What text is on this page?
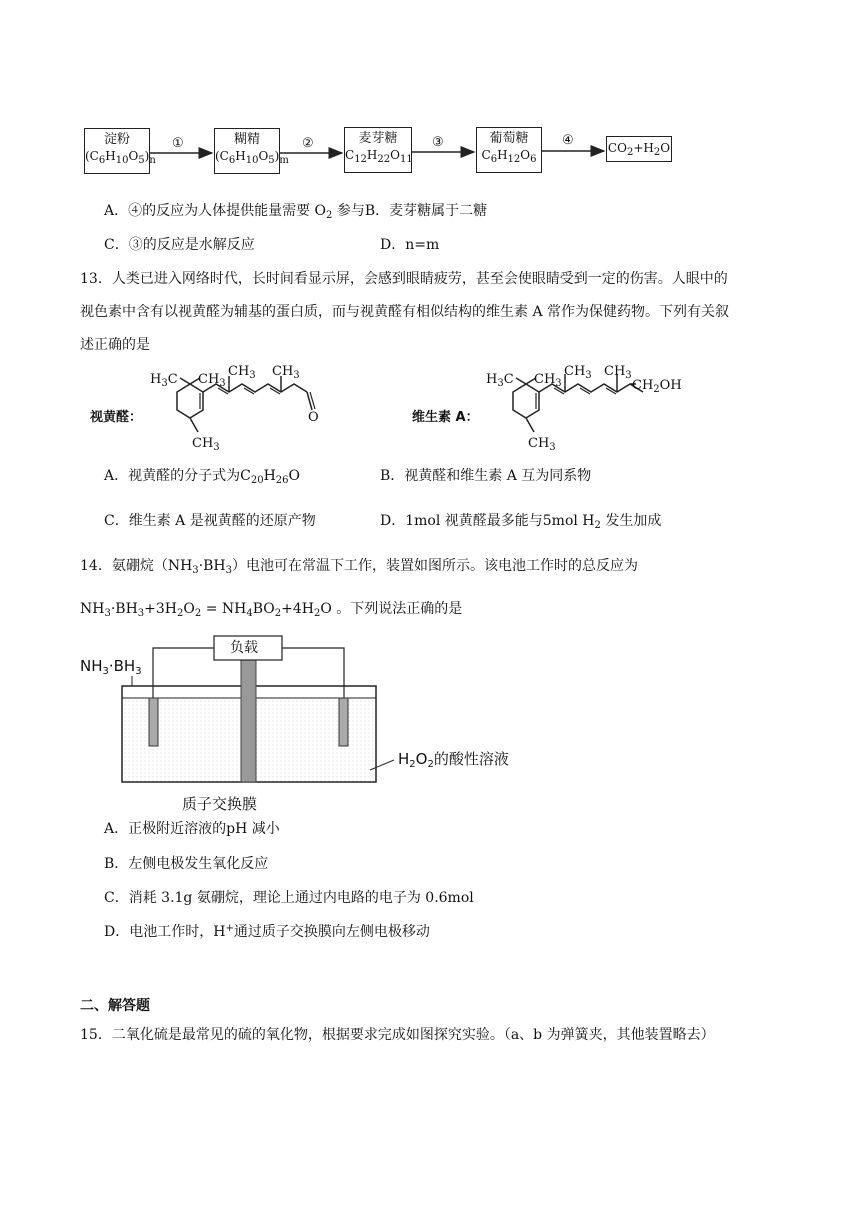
淀粉
$(C_6H_{10}O_5)_n$
糊精
$(C_6H_{10}O_5)_m$
麦芽糖
$C_{12}H_{22}O_{11}$
葡萄糖
$C_6H_{12}O_6$
$CO_2+H_2O$
①	②	③	④
A．④的反应为人体提供能量需要 $O_2$ 参与B．麦芽糖属于二糖
C．③的反应是水解反应	D．n=m
13．人类已进入网络时代，长时间看显示屏，会感到眼睛疲劳，甚至会使眼睛受到一定的伤害。人眼中的
视色素中含有以视黄醛为辅基的蛋白质，而与视黄醛有相似结构的维生素 A 常作为保健药物。下列有关叙
述正确的是
视黄醛：
$H_3C$ $CH_3$
$CH_3$ $CH_3$
$CH_3$
O	维生素 A：
$H_3C$ $CH_3$
$CH_3$ $CH_3$
$CH_3$
$CH_2OH$
A．视黄醛的分子式为$C_{20}H_{26}O$	B．视黄醛和维生素 A 互为同系物
C．维生素 A 是视黄醛的还原产物	D．1mol 视黄醛最多能与5mol $H_2$ 发生加成
14．氨硼烷$(NH_3\cdot BH_3)$电池可在常温下工作，装置如图所示。该电池工作时的总反应为
$NH_3\cdot BH_3+3H_2O_2 = NH_4BO_2+4H_2O$ 。下列说法正确的是
负载
$NH_3\cdot BH_3$
$H_2O_2$的酸性溶液
质子交换膜
A．正极附近溶液的pH 减小
B．左侧电极发生氧化反应
C．消耗 3.1g 氨硼烷，理论上通过内电路的电子为 0.6mol
D．电池工作时，H+通过质子交换膜向左侧电极移动
二、解答题
15．二氧化硫是最常见的硫的氧化物，根据要求完成如图探究实验。（a、b 为弹簧夹，其他装置略去）
